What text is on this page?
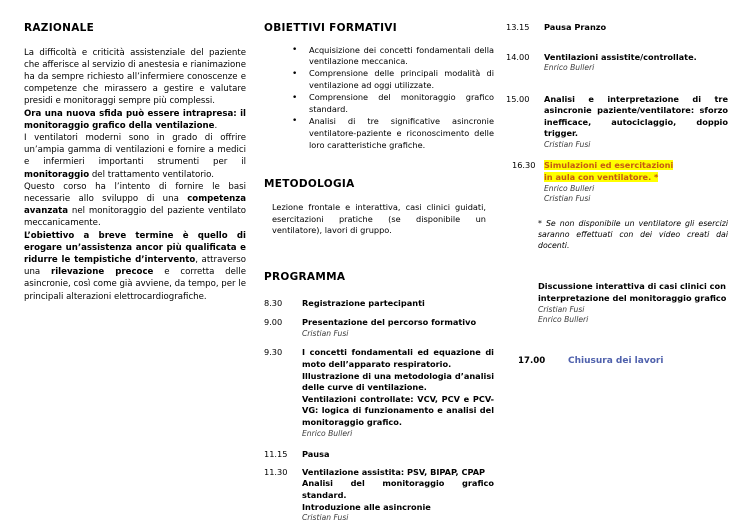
RAZIONALE

La difficoltà e criticità assistenziale del paziente che afferisce al servizio di anestesia e rianimazione ha da sempre richiesto all’infermiere conoscenze e competenze che mirassero a gestire e valutare presidi e monitoraggi sempre più complessi.

Ora una nuova sfida può essere intrapresa: il monitoraggio grafico della ventilazione.

I ventilatori moderni sono in grado di offrire un’ampia gamma di ventilazioni e fornire a medici e infermieri importanti strumenti per il monitoraggio del trattamento ventilatorio.

Questo corso ha l’intento di fornire le basi necessarie allo sviluppo di una competenza avanzata nel monitoraggio del paziente ventilato meccanicamente.

L’obiettivo a breve termine è quello di erogare un’assistenza ancor più qualificata e ridurre le tempistiche d’intervento, attraverso una rilevazione precoce e corretta delle asincronie, così come già avviene, da tempo, per le principali alterazioni elettrocardiografiche.

OBIETTIVI FORMATIVI
• Acquisizione dei concetti fondamentali della ventilazione meccanica.
• Comprensione delle principali modalità di ventilazione ad oggi utilizzate.
• Comprensione del monitoraggio grafico standard.
• Analisi di tre significative asincronie ventilatore-paziente e riconoscimento delle loro caratteristiche grafiche.
METODOLOGIA

Lezione frontale e interattiva, casi clinici guidati, esercitazioni pratiche (se disponibile un ventilatore), lavori di gruppo.

PROGRAMMA
8.30	Registrazione partecipanti
9.00	Presentazione del percorso formativo
Cristian Fusi
9.30	I concetti fondamentali ed equazione di moto dell’apparato respiratorio.
Illustrazione di una metodologia d’analisi delle curve di ventilazione.
Ventilazioni controllate: VCV, PCV e PCV-VG: logica di funzionamento e analisi del monitoraggio grafico.
Enrico Bulleri
11.15	Pausa
11.30	Ventilazione assistita: PSV, BIPAP, CPAP
Analisi del monitoraggio grafico standard.
Introduzione alle asincronie
Cristian Fusi
13.15	Pausa Pranzo
14.00	Ventilazioni assistite/controllate.
Enrico Bulleri
15.00	Analisi e interpretazione di tre asincronie paziente/ventilatore: sforzo inefficace, autociclaggio, doppio trigger.
Cristian Fusi
16.30	Simulazioni ed esercitazioni
in aula con ventilatore. *
Enrico Bulleri
Cristian Fusi
* Se non disponibile un ventilatore gli esercizi saranno effettuati con dei video creati dai docenti.
Discussione interattiva di casi clinici con
interpretazione del monitoraggio grafico
Cristian Fusi
Enrico Bulleri
17.00	Chiusura dei lavori
